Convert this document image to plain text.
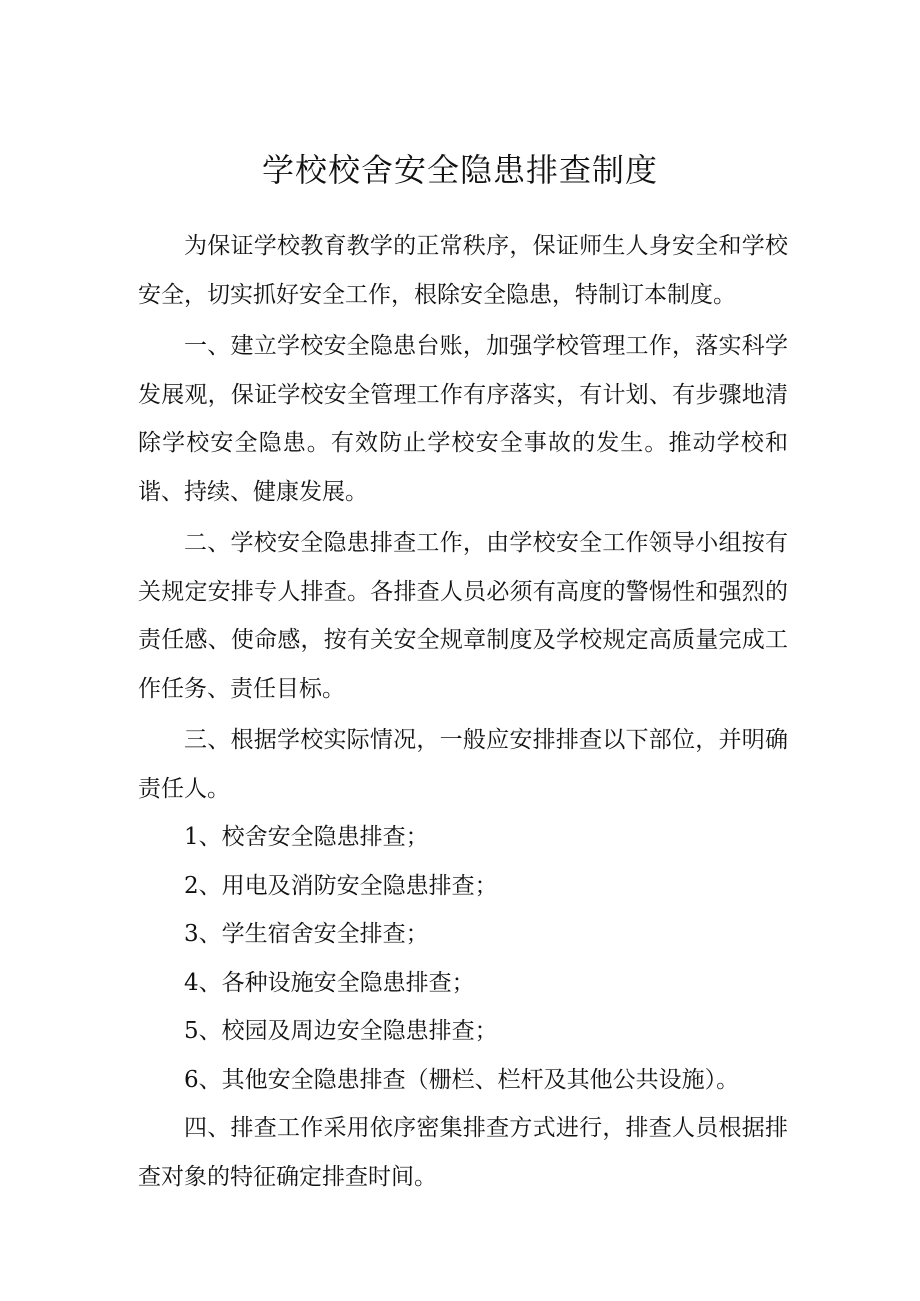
学校校舍安全隐患排查制度

为保证学校教育教学的正常秩序，保证师生人身安全和学校安全，切实抓好安全工作，根除安全隐患，特制订本制度。

一、建立学校安全隐患台账，加强学校管理工作，落实科学发展观，保证学校安全管理工作有序落实，有计划、有步骤地清除学校安全隐患。有效防止学校安全事故的发生。推动学校和谐、持续、健康发展。

二、学校安全隐患排查工作，由学校安全工作领导小组按有关规定安排专人排查。各排查人员必须有高度的警惕性和强烈的责任感、使命感，按有关安全规章制度及学校规定高质量完成工作任务、责任目标。

三、根据学校实际情况，一般应安排排查以下部位，并明确责任人。

1、校舍安全隐患排查；

2、用电及消防安全隐患排查；

3、学生宿舍安全排查；

4、各种设施安全隐患排查；

5、校园及周边安全隐患排查；

6、其他安全隐患排查（栅栏、栏杆及其他公共设施）。

四、排查工作采用依序密集排查方式进行，排查人员根据排查对象的特征确定排查时间。
